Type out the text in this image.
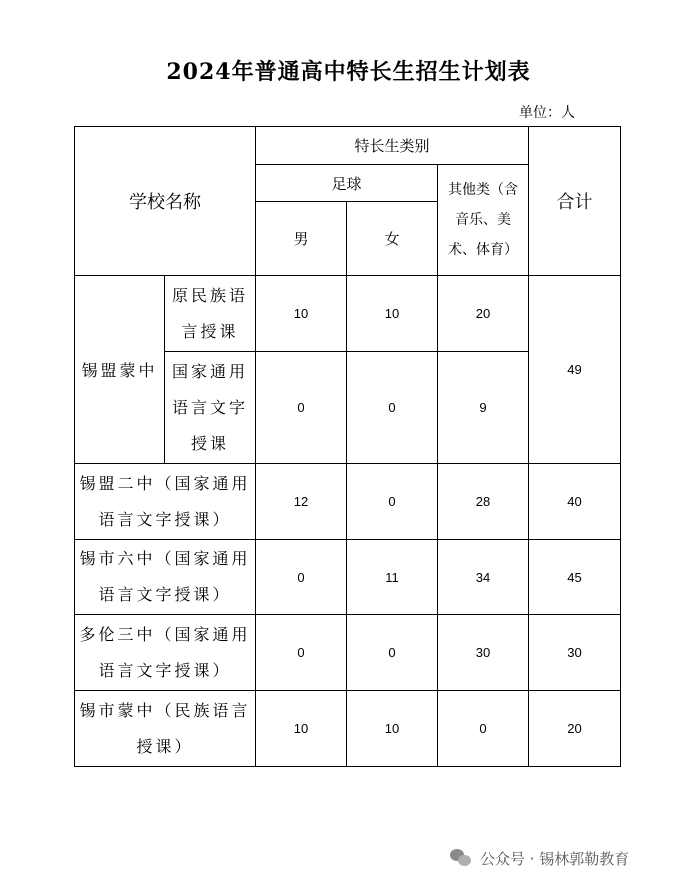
2024年普通高中特长生招生计划表
单位：人
学校名称		特长生类别			合计
		足球		其他类（含音乐、美术、体育）	
		男	女		
锡盟蒙中	原民族语言授课	10	10	20	49
	国家通用语言文字授课	0	0	9	
锡盟二中（国家通用语言文字授课）		12	0	28	40
锡市六中（国家通用语言文字授课）		0	11	34	45
多伦三中（国家通用语言文字授课）		0	0	30	30
锡市蒙中（民族语言授课）		10	10	0	20
公众号 · 锡林郭勒教育
